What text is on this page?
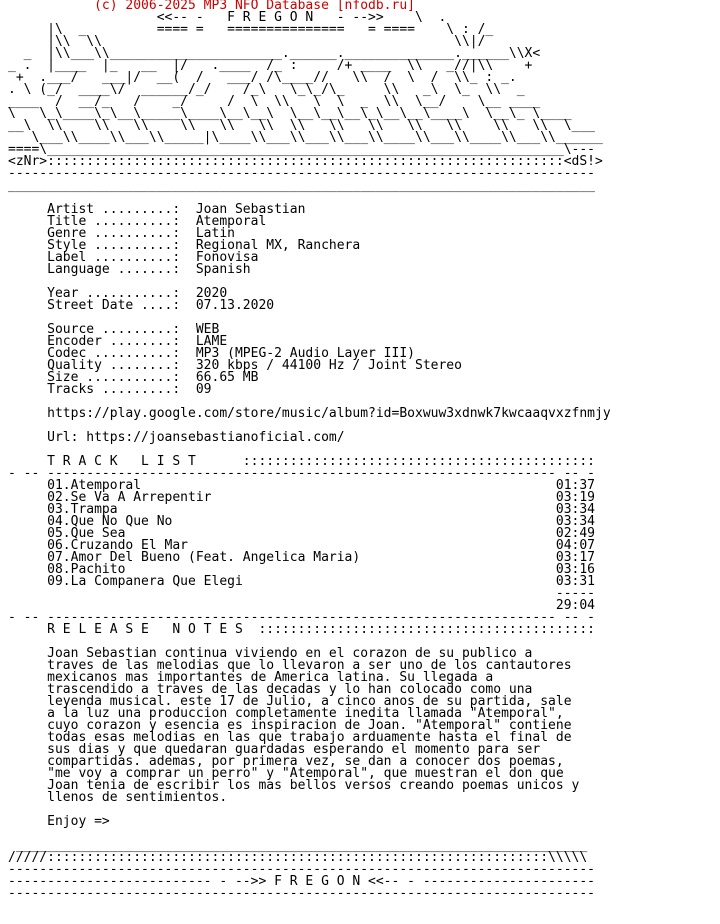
(c) 2006-2025 MP3 NFO Database [nfodb.ru]
<<-- -   F R E G O N   - -->>    \  .
|\  _         ==== =   ===============   = ====    \ : /_
|\\  \\                                             \\|/
_  |\\___\\______________________.______.______________.______\\X<
_ .  |____  |_   __  |/   .____  /_ :     /+ ____  \\   _//|\\    +
+  .___/   ___|/  __(  /   ___/ /\____//   \\  /  \  /  \\_ : _.
. \ (_/  ____\/  ______/_/    /_\   \_\_/\_     \\   _\  \_  \\  _
____  /  __/_   /    _/     /  \  \\   \  \  _  \\  \__/    \__ ____
\   \_\____\_\__\_____\____\__\__\  \__\__\__\_\__\__\____\  \__\_ \____
__\  \\    \\   \\    \\   \\   \\  \\   \\   \\   \\   \\    \\   \\  \___
\___\\____\\___\\_____|\____\\___\\___\\___\\____\\___\\____\\___\\______
====\__________________________________________________________________\---
<zNr>::::::::::::::::::::::::::::::::::::::::::::::::::::::::::::::::::<dS!>
---------------------------------------------------------------------------
___________________________________________________________________________
Artist .........:  Joan Sebastian
Title ..........:  Atemporal
Genre ..........:  Latin
Style ..........:  Regional MX, Ranchera
Label ..........:  Fonovisa
Language .......:  Spanish
Year ...........:  2020
Street Date ....:  07.13.2020
Source .........:  WEB
Encoder ........:  LAME
Codec ..........:  MP3 (MPEG-2 Audio Layer III)
Quality ........:  320 kbps / 44100 Hz / Joint Stereo
Size ...........:  66.65 MB
Tracks .........:  09
https://play.google.com/store/music/album?id=Boxwuw3xdnwk7kwcaaqvxzfnmjy
Url: https://joansebastianoficial.com/
T R A C K   L I S T      :::::::::::::::::::::::::::::::::::::::::::::
- -- ----------------------------------------------------------------- -- -
01.Atemporal                                                     01:37
02.Se Va A Arrepentir                                            03:19
03.Trampa                                                        03:34
04.Que No Que No                                                 03:34
05.Que Sea                                                       02:49
06.Cruzando El Mar                                               04:07
07.Amor Del Bueno (Feat. Angelica Maria)                         03:17
08.Pachito                                                       03:16
09.La Companera Que Elegi                                        03:31
-----
29:04
- -- ----------------------------------------------------------------- -- -
R E L E A S E   N O T E S  :::::::::::::::::::::::::::::::::::::::::::
Joan Sebastian continua viviendo en el corazon de su publico a
traves de las melodias que lo llevaron a ser uno de los cantautores
mexicanos mas importantes de America latina. Su llegada a
trascendido a traves de las decadas y lo han colocado como una
leyenda musical. este 17 de Julio, a cinco anos de su partida, sale
a la luz una produccion completamente inedita llamada "Atemporal",
cuyo corazon y esencia es inspiracion de Joan. "Atemporal" contiene
todas esas melodias en las que trabajo arduamente hasta el final de
sus dias y que quedaran guardadas esperando el momento para ser
compartidas. ademas, por primera vez, se dan a conocer dos poemas,
"me voy a comprar un perro" y "Atemporal", que muestran el don que
Joan tenia de escribir los mas bellos versos creando poemas unicos y
llenos de sentimientos.
Enjoy =>
_________________________________________________________________________
/////::::::::::::::::::::::::::::::::::::::::::::::::::::::::::::::::\\\\\
---------------------------------------------------------------------------
-------------------------- - -->> F R E G O N <<-- - ----------------------
---------------------------------------------------------------------------
